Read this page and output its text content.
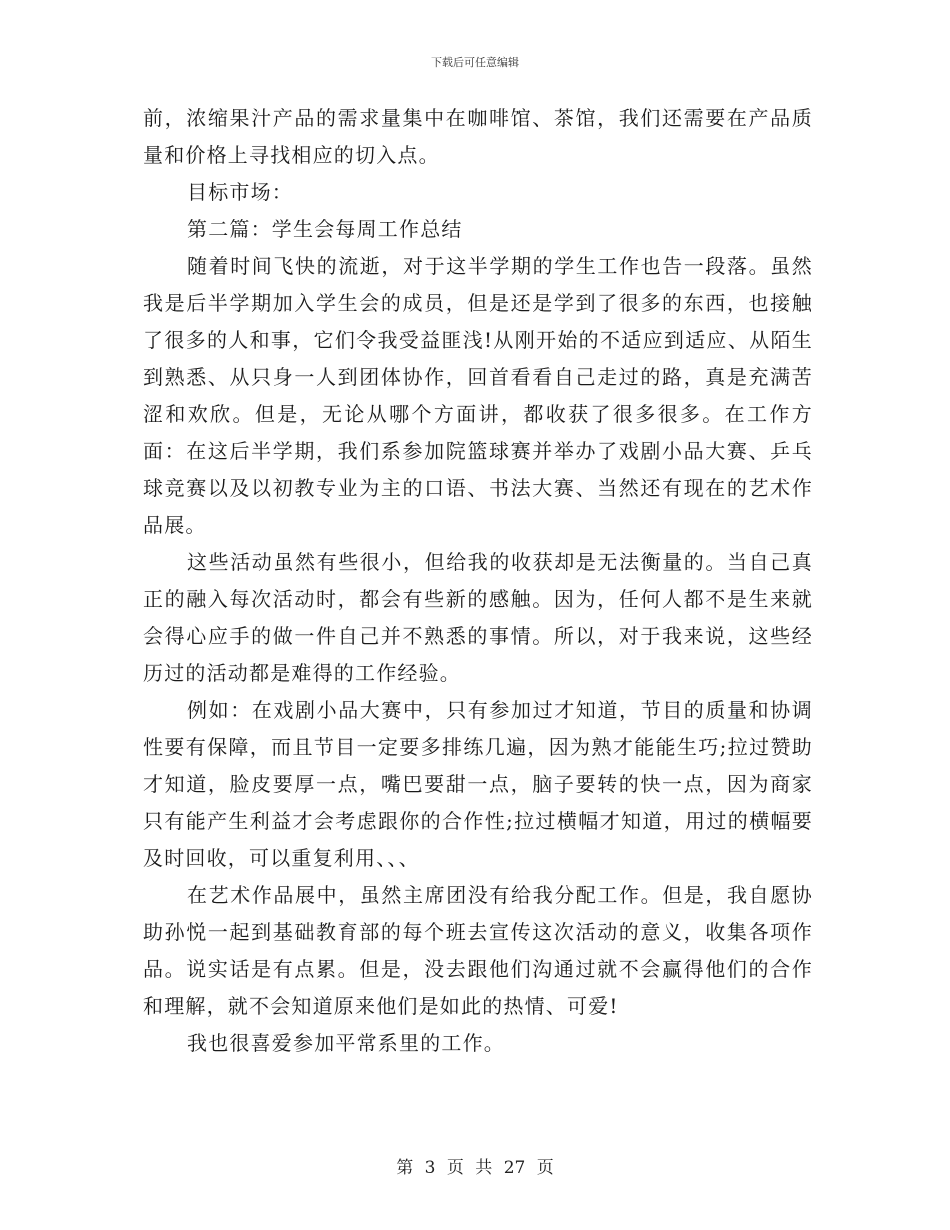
下载后可任意编辑

前，浓缩果汁产品的需求量集中在咖啡馆、茶馆，我们还需要在产品质量和价格上寻找相应的切入点。

目标市场：

第二篇：学生会每周工作总结

随着时间飞快的流逝，对于这半学期的学生工作也告一段落。虽然我是后半学期加入学生会的成员，但是还是学到了很多的东西，也接触了很多的人和事，它们令我受益匪浅!从刚开始的不适应到适应、从陌生到熟悉、从只身一人到团体协作，回首看看自己走过的路，真是充满苦涩和欢欣。但是，无论从哪个方面讲，都收获了很多很多。在工作方面：在这后半学期，我们系参加院篮球赛并举办了戏剧小品大赛、乒乓球竞赛以及以初教专业为主的口语、书法大赛、当然还有现在的艺术作品展。

这些活动虽然有些很小，但给我的收获却是无法衡量的。当自己真正的融入每次活动时，都会有些新的感触。因为，任何人都不是生来就会得心应手的做一件自己并不熟悉的事情。所以，对于我来说，这些经历过的活动都是难得的工作经验。

例如：在戏剧小品大赛中，只有参加过才知道，节目的质量和协调性要有保障，而且节目一定要多排练几遍，因为熟才能能生巧;拉过赞助才知道，脸皮要厚一点，嘴巴要甜一点，脑子要转的快一点，因为商家只有能产生利益才会考虑跟你的合作性;拉过横幅才知道，用过的横幅要及时回收，可以重复利用、、、

在艺术作品展中，虽然主席团没有给我分配工作。但是，我自愿协助孙悦一起到基础教育部的每个班去宣传这次活动的意义，收集各项作品。说实话是有点累。但是，没去跟他们沟通过就不会赢得他们的合作和理解，就不会知道原来他们是如此的热情、可爱!

我也很喜爱参加平常系里的工作。

第 3 页 共 27 页
